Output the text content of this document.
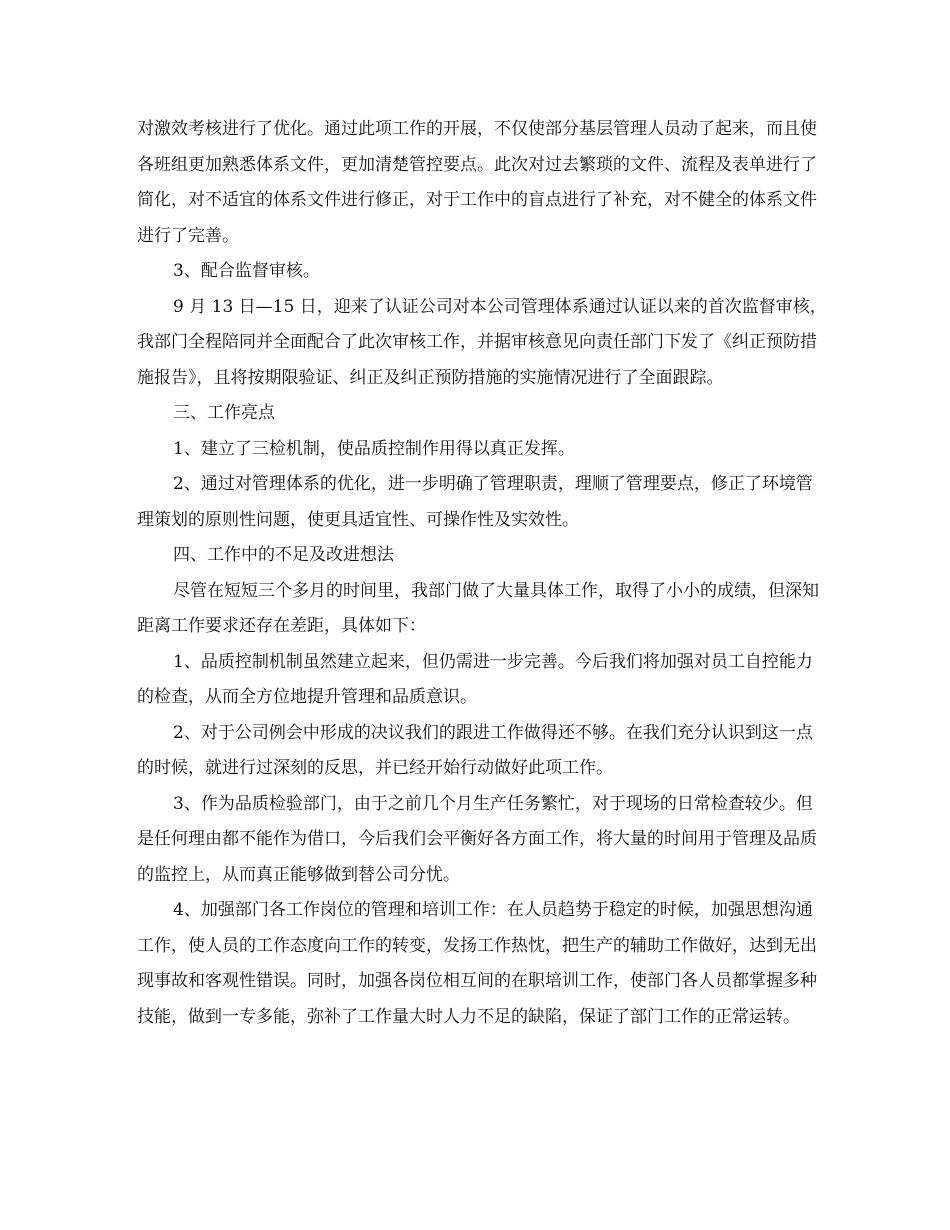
对激效考核进行了优化。通过此项工作的开展，不仅使部分基层管理人员动了起来，而且使各班组更加熟悉体系文件，更加清楚管控要点。此次对过去繁琐的文件、流程及表单进行了简化，对不适宜的体系文件进行修正，对于工作中的盲点进行了补充，对不健全的体系文件进行了完善。

3、配合监督审核。

9 月 13 日—15 日，迎来了认证公司对本公司管理体系通过认证以来的首次监督审核，我部门全程陪同并全面配合了此次审核工作，并据审核意见向责任部门下发了《纠正预防措施报告》，且将按期限验证、纠正及纠正预防措施的实施情况进行了全面跟踪。

三、工作亮点

1、建立了三检机制，使品质控制作用得以真正发挥。

2、通过对管理体系的优化，进一步明确了管理职责，理顺了管理要点，修正了环境管理策划的原则性问题，使更具适宜性、可操作性及实效性。

四、工作中的不足及改进想法

尽管在短短三个多月的时间里，我部门做了大量具体工作，取得了小小的成绩，但深知距离工作要求还存在差距，具体如下：

1、品质控制机制虽然建立起来，但仍需进一步完善。今后我们将加强对员工自控能力的检查，从而全方位地提升管理和品质意识。

2、对于公司例会中形成的决议我们的跟进工作做得还不够。在我们充分认识到这一点的时候，就进行过深刻的反思，并已经开始行动做好此项工作。

3、作为品质检验部门，由于之前几个月生产任务繁忙，对于现场的日常检查较少。但是任何理由都不能作为借口，今后我们会平衡好各方面工作，将大量的时间用于管理及品质的监控上，从而真正能够做到替公司分忧。

4、加强部门各工作岗位的管理和培训工作：在人员趋势于稳定的时候，加强思想沟通工作，使人员的工作态度向工作的转变，发扬工作热忱，把生产的辅助工作做好，达到无出现事故和客观性错误。同时，加强各岗位相互间的在职培训工作，使部门各人员都掌握多种技能，做到一专多能，弥补了工作量大时人力不足的缺陷，保证了部门工作的正常运转。
